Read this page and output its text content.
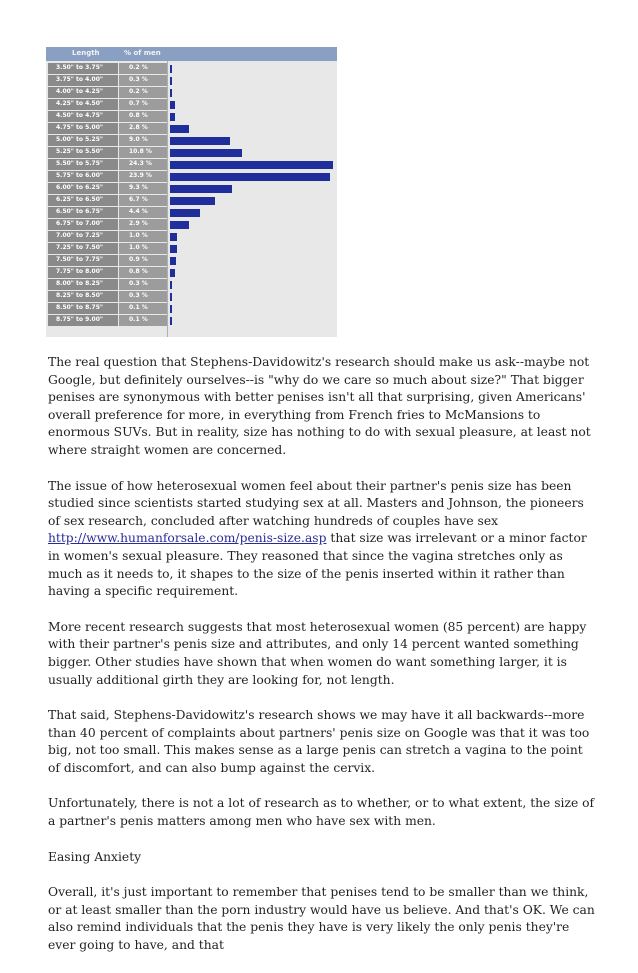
Length	% of men
3.50" to 3.75"	0.2 %
3.75" to 4.00"	0.3 %
4.00" to 4.25"	0.2 %
4.25" to 4.50"	0.7 %
4.50" to 4.75"	0.8 %
4.75" to 5.00"	2.8 %
5.00" to 5.25"	9.0 %
5.25" to 5.50"	10.8 %
5.50" to 5.75"	24.3 %
5.75" to 6.00"	23.9 %
6.00" to 6.25"	9.3 %
6.25" to 6.50"	6.7 %
6.50" to 6.75"	4.4 %
6.75" to 7.00"	2.9 %
7.00" to 7.25"	1.0 %
7.25" to 7.50"	1.0 %
7.50" to 7.75"	0.9 %
7.75" to 8.00"	0.8 %
8.00" to 8.25"	0.3 %
8.25" to 8.50"	0.3 %
8.50" to 8.75"	0.1 %
8.75" to 9.00"	0.1 %

The real question that Stephens-Davidowitz's research should make us ask--maybe not Google, but definitely ourselves--is "why do we care so much about size?" That bigger penises are synonymous with better penises isn't all that surprising, given Americans' overall preference for more, in everything from French fries to McMansions to enormous SUVs. But in reality, size has nothing to do with sexual pleasure, at least not where straight women are concerned.

The issue of how heterosexual women feel about their partner's penis size has been studied since scientists started studying sex at all. Masters and Johnson, the pioneers of sex research, concluded after watching hundreds of couples have sex http://www.humanforsale.com/penis-size.asp that size was irrelevant or a minor factor in women's sexual pleasure. They reasoned that since the vagina stretches only as much as it needs to, it shapes to the size of the penis inserted within it rather than having a specific requirement.

More recent research suggests that most heterosexual women (85 percent) are happy with their partner's penis size and attributes, and only 14 percent wanted something bigger. Other studies have shown that when women do want something larger, it is usually additional girth they are looking for, not length.

That said, Stephens-Davidowitz's research shows we may have it all backwards--more than 40 percent of complaints about partners' penis size on Google was that it was too big, not too small. This makes sense as a large penis can stretch a vagina to the point of discomfort, and can also bump against the cervix.

Unfortunately, there is not a lot of research as to whether, or to what extent, the size of a partner's penis matters among men who have sex with men.

Easing Anxiety

Overall, it's just important to remember that penises tend to be smaller than we think, or at least smaller than the porn industry would have us believe. And that's OK. We can also remind individuals that the penis they have is very likely the only penis they're ever going to have, and that
